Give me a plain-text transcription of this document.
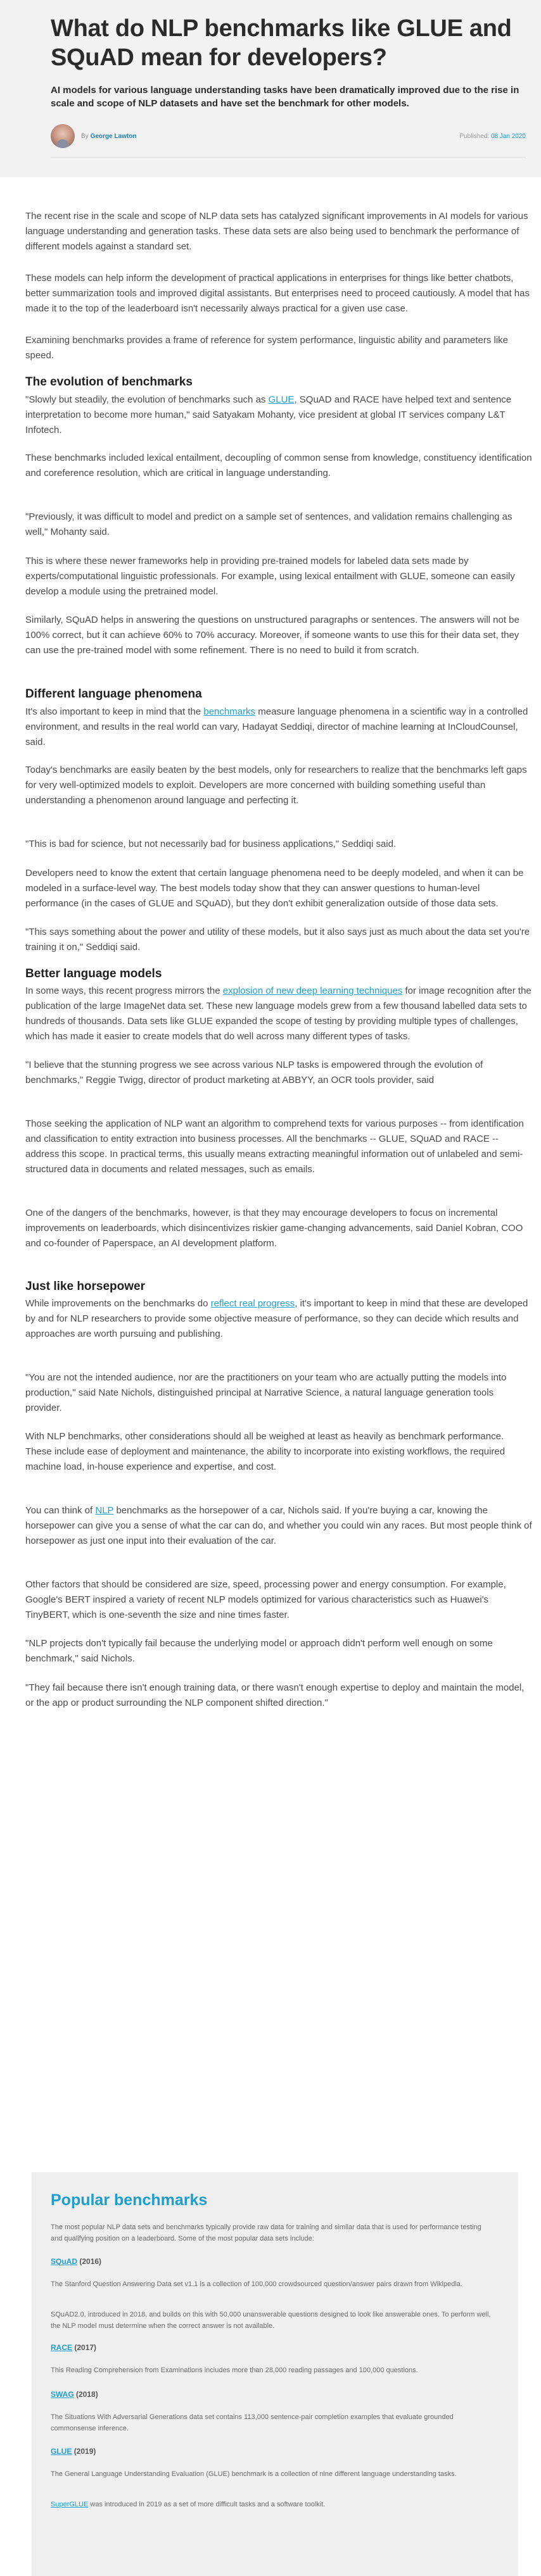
What do NLP benchmarks like GLUE and SQuAD mean for developers?

AI models for various language understanding tasks have been dramatically improved due to the rise in scale and scope of NLP datasets and have set the benchmark for other models.

By George Lawton	Published: 08 Jan 2020

The recent rise in the scale and scope of NLP data sets has catalyzed significant improvements in AI models for various language understanding and generation tasks. These data sets are also being used to benchmark the performance of different models against a standard set.

These models can help inform the development of practical applications in enterprises for things like better chatbots, better summarization tools and improved digital assistants. But enterprises need to proceed cautiously. A model that has made it to the top of the leaderboard isn't necessarily always practical for a given use case.

Examining benchmarks provides a frame of reference for system performance, linguistic ability and parameters like speed.

The evolution of benchmarks

"Slowly but steadily, the evolution of benchmarks such as GLUE, SQuAD and RACE have helped text and sentence interpretation to become more human," said Satyakam Mohanty, vice president at global IT services company L&T Infotech.

These benchmarks included lexical entailment, decoupling of common sense from knowledge, constituency identification and coreference resolution, which are critical in language understanding.

"Previously, it was difficult to model and predict on a sample set of sentences, and validation remains challenging as well," Mohanty said.

This is where these newer frameworks help in providing pre-trained models for labeled data sets made by experts/computational linguistic professionals. For example, using lexical entailment with GLUE, someone can easily develop a module using the pretrained model.

Similarly, SQuAD helps in answering the questions on unstructured paragraphs or sentences. The answers will not be 100% correct, but it can achieve 60% to 70% accuracy. Moreover, if someone wants to use this for their data set, they can use the pre-trained model with some refinement. There is no need to build it from scratch.

Different language phenomena

It's also important to keep in mind that the benchmarks measure language phenomena in a scientific way in a controlled environment, and results in the real world can vary, Hadayat Seddiqi, director of machine learning at InCloudCounsel, said.

Today's benchmarks are easily beaten by the best models, only for researchers to realize that the benchmarks left gaps for very well-optimized models to exploit. Developers are more concerned with building something useful than understanding a phenomenon around language and perfecting it.

"This is bad for science, but not necessarily bad for business applications," Seddiqi said.

Developers need to know the extent that certain language phenomena need to be deeply modeled, and when it can be modeled in a surface-level way. The best models today show that they can answer questions to human-level performance (in the cases of GLUE and SQuAD), but they don't exhibit generalization outside of those data sets.

"This says something about the power and utility of these models, but it also says just as much about the data set you're training it on," Seddiqi said.

Better language models

In some ways, this recent progress mirrors the explosion of new deep learning techniques for image recognition after the publication of the large ImageNet data set. These new language models grew from a few thousand labelled data sets to hundreds of thousands. Data sets like GLUE expanded the scope of testing by providing multiple types of challenges, which has made it easier to create models that do well across many different types of tasks.

"I believe that the stunning progress we see across various NLP tasks is empowered through the evolution of benchmarks," Reggie Twigg, director of product marketing at ABBYY, an OCR tools provider, said

Those seeking the application of NLP want an algorithm to comprehend texts for various purposes -- from identification and classification to entity extraction into business processes. All the benchmarks -- GLUE, SQuAD and RACE -- address this scope. In practical terms, this usually means extracting meaningful information out of unlabeled and semi-structured data in documents and related messages, such as emails.

One of the dangers of the benchmarks, however, is that they may encourage developers to focus on incremental improvements on leaderboards, which disincentivizes riskier game-changing advancements, said Daniel Kobran, COO and co-founder of Paperspace, an AI development platform.

Just like horsepower

While improvements on the benchmarks do reflect real progress, it's important to keep in mind that these are developed by and for NLP researchers to provide some objective measure of performance, so they can decide which results and approaches are worth pursuing and publishing.

"You are not the intended audience, nor are the practitioners on your team who are actually putting the models into production," said Nate Nichols, distinguished principal at Narrative Science, a natural language generation tools provider.

With NLP benchmarks, other considerations should all be weighed at least as heavily as benchmark performance. These include ease of deployment and maintenance, the ability to incorporate into existing workflows, the required machine load, in-house experience and expertise, and cost.

You can think of NLP benchmarks as the horsepower of a car, Nichols said. If you're buying a car, knowing the horsepower can give you a sense of what the car can do, and whether you could win any races. But most people think of horsepower as just one input into their evaluation of the car.

Other factors that should be considered are size, speed, processing power and energy consumption. For example, Google's BERT inspired a variety of recent NLP models optimized for various characteristics such as Huawei's TinyBERT, which is one-seventh the size and nine times faster.

"NLP projects don't typically fail because the underlying model or approach didn't perform well enough on some benchmark," said Nichols.

"They fail because there isn't enough training data, or there wasn't enough expertise to deploy and maintain the model, or the app or product surrounding the NLP component shifted direction."

Popular benchmarks

The most popular NLP data sets and benchmarks typically provide raw data for training and similar data that is used for performance testing and qualifying position on a leaderboard. Some of the most popular data sets include:

SQuAD (2016)

The Stanford Question Answering Data set v1.1 is a collection of 100,000 crowdsourced question/answer pairs drawn from Wikipedia.

SQuAD2.0, introduced in 2018, and builds on this with 50,000 unanswerable questions designed to look like answerable ones. To perform well, the NLP model must determine when the correct answer is not available.

RACE (2017)

This Reading Comprehension from Examinations includes more than 28,000 reading passages and 100,000 questions.

SWAG (2018)

The Situations With Adversarial Generations data set contains 113,000 sentence-pair completion examples that evaluate grounded commonsense inference.

GLUE (2019)

The General Language Understanding Evaluation (GLUE) benchmark is a collection of nine different language understanding tasks.

SuperGLUE was introduced in 2019 as a set of more difficult tasks and a software toolkit.
